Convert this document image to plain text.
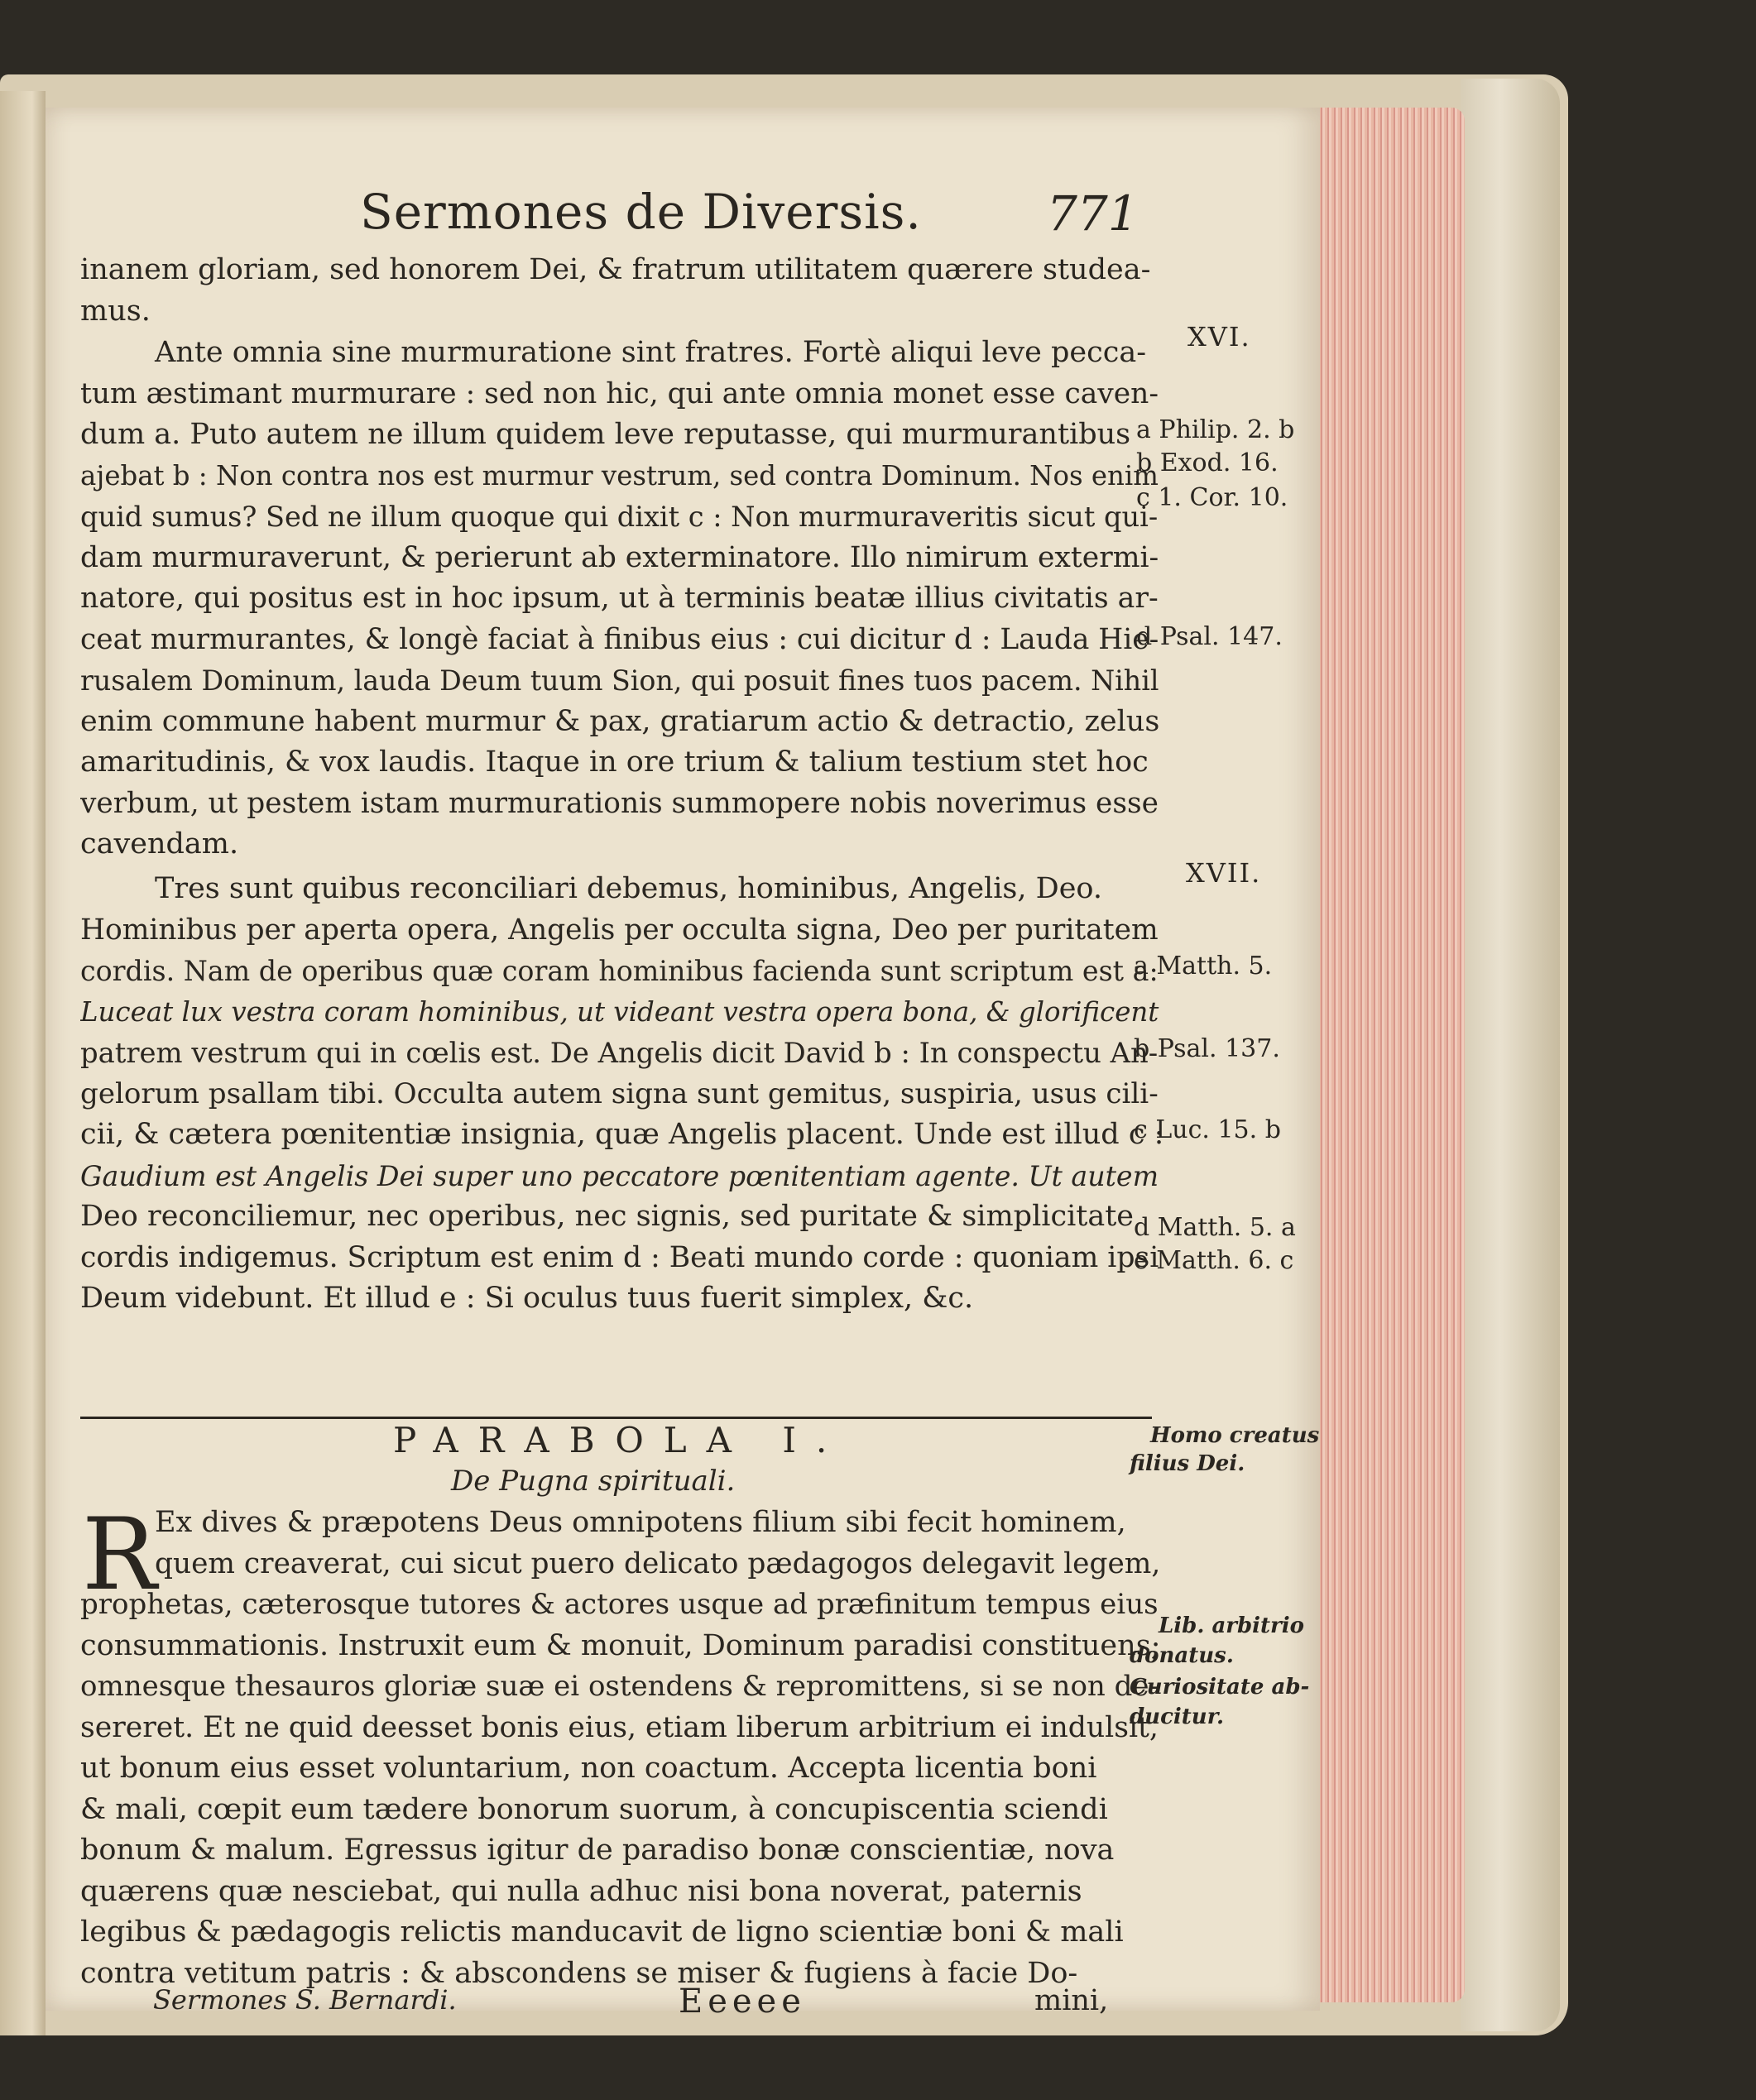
Sermones de Diversis.	771
inanem gloriam, sed honorem Dei, & fratrum utilitatem quærere studea-
mus.
Ante omnia sine murmuratione sint fratres. Fortè aliqui leve pecca-
tum æstimant murmurare : sed non hic, qui ante omnia monet esse caven-
dum a. Puto autem ne illum quidem leve reputasse, qui murmurantibus
ajebat b : Non contra nos est murmur vestrum, sed contra Dominum. Nos enim
quid sumus? Sed ne illum quoque qui dixit c : Non murmuraveritis sicut qui-
dam murmuraverunt, & perierunt ab exterminatore. Illo nimirum extermi-
natore, qui positus est in hoc ipsum, ut à terminis beatæ illius civitatis ar-
ceat murmurantes, & longè faciat à finibus eius : cui dicitur d : Lauda Hie-
rusalem Dominum, lauda Deum tuum Sion, qui posuit fines tuos pacem. Nihil
enim commune habent murmur & pax, gratiarum actio & detractio, zelus
amaritudinis, & vox laudis. Itaque in ore trium & talium testium stet hoc
verbum, ut pestem istam murmurationis summopere nobis noverimus esse
cavendam.
Tres sunt quibus reconciliari debemus, hominibus, Angelis, Deo.
Hominibus per aperta opera, Angelis per occulta signa, Deo per puritatem
cordis. Nam de operibus quæ coram hominibus facienda sunt scriptum est a:
Luceat lux vestra coram hominibus, ut videant vestra opera bona, & glorificent
patrem vestrum qui in cœlis est. De Angelis dicit David b : In conspectu An-
gelorum psallam tibi. Occulta autem signa sunt gemitus, suspiria, usus cili-
cii, & cætera pœnitentiæ insignia, quæ Angelis placent. Unde est illud c :
Gaudium est Angelis Dei super uno peccatore pœnitentiam agente. Ut autem
Deo reconciliemur, nec operibus, nec signis, sed puritate & simplicitate
cordis indigemus. Scriptum est enim d : Beati mundo corde : quoniam ipsi
Deum videbunt. Et illud e : Si oculus tuus fuerit simplex, &c.
XVI.
a Philip. 2. b
b Exod. 16.
c 1. Cor. 10.
d Psal. 147.
XVII.
a Matth. 5.
b Psal. 137.
c Luc. 15. b
d Matth. 5. a
e Matth. 6. c
Homo creatus
filius Dei.
Lib. arbitrio
donatus.
Curiositate ab-
ducitur.
PARABOLA I.
De Pugna spirituali.
R
Ex dives & præpotens Deus omnipotens filium sibi fecit hominem,
quem creaverat, cui sicut puero delicato pædagogos delegavit legem,
prophetas, cæterosque tutores & actores usque ad præfinitum tempus eius
consummationis. Instruxit eum & monuit, Dominum paradisi constituens;
omnesque thesauros gloriæ suæ ei ostendens & repromittens, si se non de-
sereret. Et ne quid deesset bonis eius, etiam liberum arbitrium ei indulsit,
ut bonum eius esset voluntarium, non coactum. Accepta licentia boni
& mali, cœpit eum tædere bonorum suorum, à concupiscentia sciendi
bonum & malum. Egressus igitur de paradiso bonæ conscientiæ, nova
quærens quæ nesciebat, qui nulla adhuc nisi bona noverat, paternis
legibus & pædagogis relictis manducavit de ligno scientiæ boni & mali
contra vetitum patris : & abscondens se miser & fugiens à facie Do-
Sermones S. Bernardi.	Eeeee	mini,
